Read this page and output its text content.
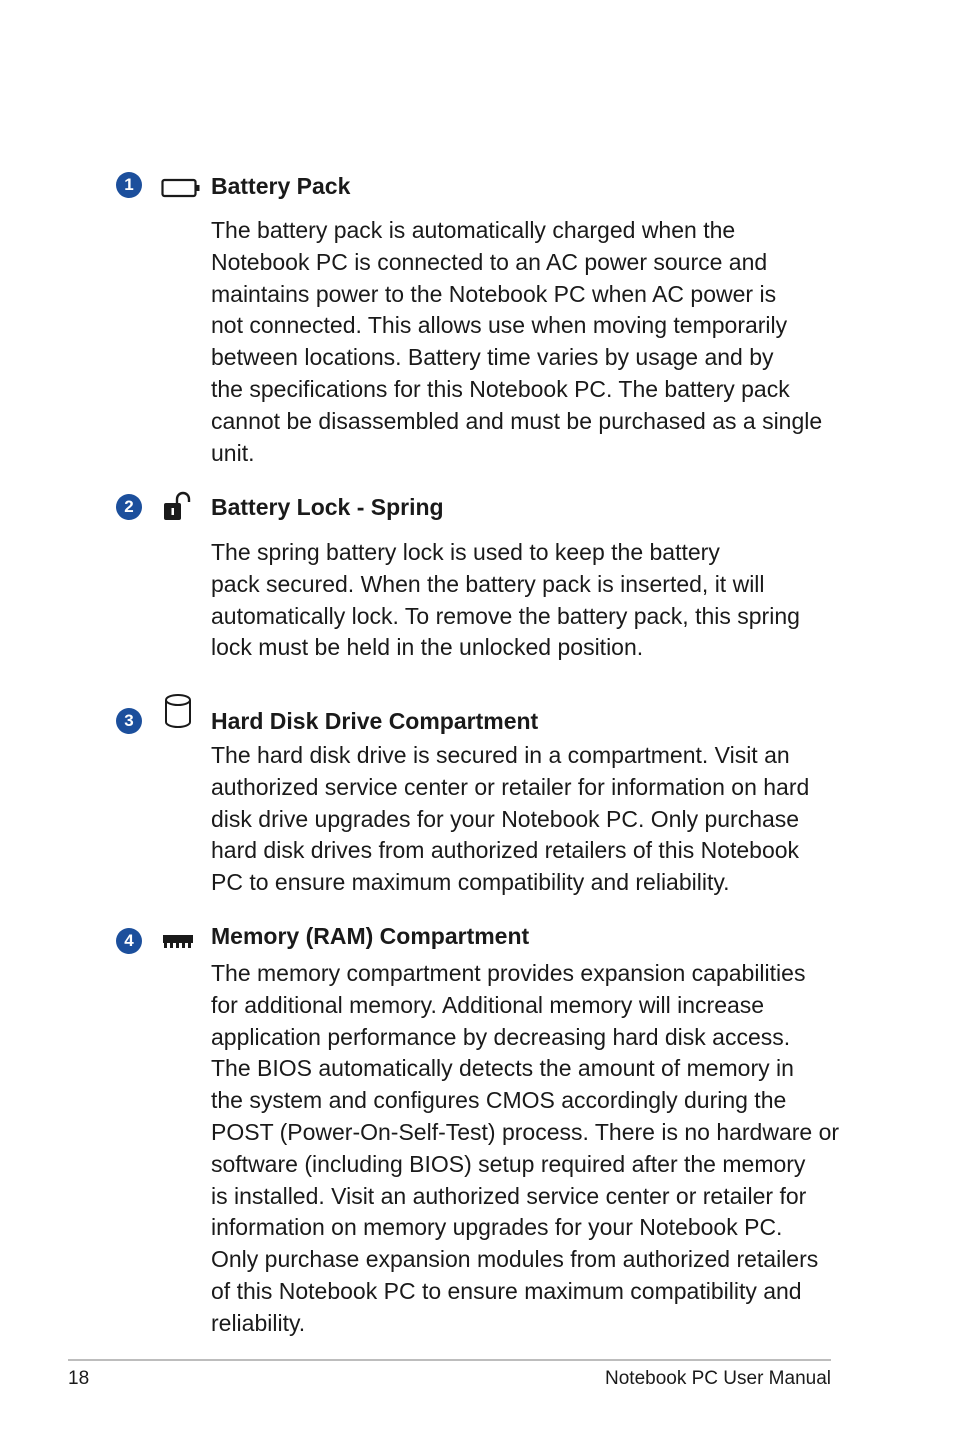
1	Battery Pack
The battery pack is automatically charged when the
Notebook PC is connected to an AC power source and
maintains power to the Notebook PC when AC power is
not connected. This allows use when moving temporarily
between locations. Battery time varies by usage and by
the specifications for this Notebook PC. The battery pack
cannot be disassembled and must be purchased as a single
unit.
2	Battery Lock - Spring
The spring battery lock is used to keep the battery
pack secured. When the battery pack is inserted, it will
automatically lock. To remove the battery pack, this spring
lock must be held in the unlocked position.
3	Hard Disk Drive Compartment
The hard disk drive is secured in a compartment. Visit an
authorized service center or retailer for information on hard
disk drive upgrades for your Notebook PC. Only purchase
hard disk drives from authorized retailers of this Notebook
PC to ensure maximum compatibility and reliability.
4	Memory (RAM) Compartment
The memory compartment provides expansion capabilities
for additional memory. Additional memory will increase
application performance by decreasing hard disk access.
The BIOS automatically detects the amount of memory in
the system and configures CMOS accordingly during the
POST (Power-On-Self-Test) process. There is no hardware or
software (including BIOS) setup required after the memory
is installed. Visit an authorized service center or retailer for
information on memory upgrades for your Notebook PC.
Only purchase expansion modules from authorized retailers
of this Notebook PC to ensure maximum compatibility and
reliability.
18	Notebook PC User Manual
